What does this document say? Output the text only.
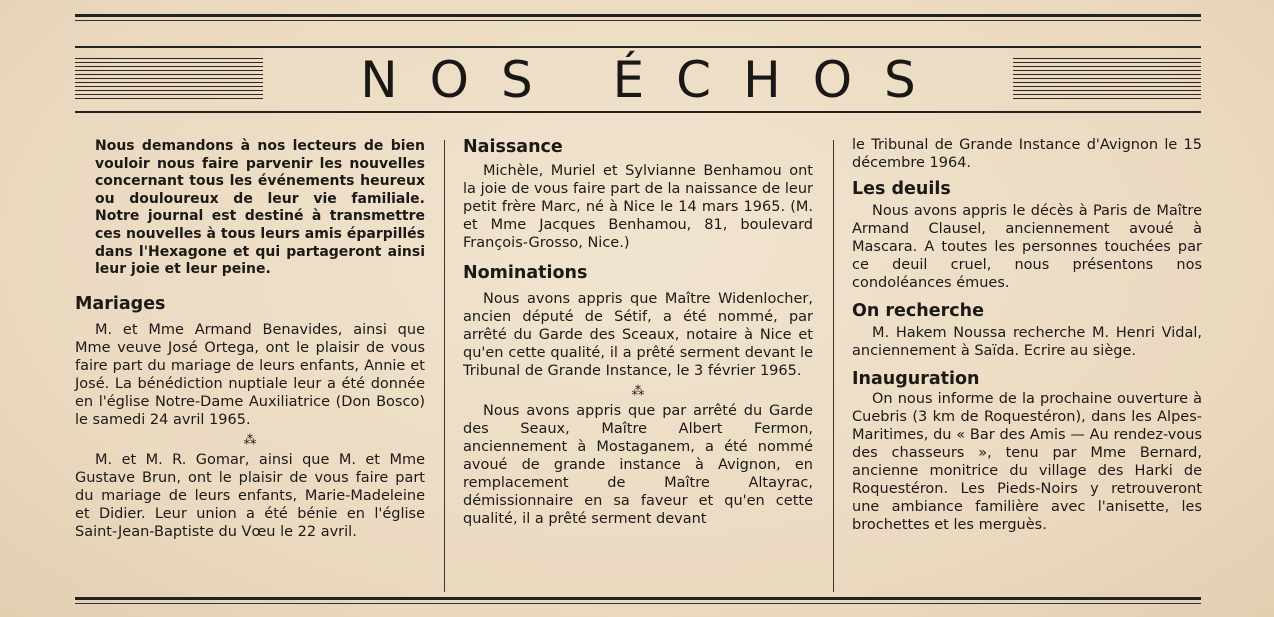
NOS ÉCHOS

Nous demandons à nos lecteurs de bien vouloir nous faire parvenir les nouvelles concernant tous les événements heureux ou douloureux de leur vie familiale. Notre journal est destiné à transmettre ces nouvelles à tous leurs amis éparpillés dans l'Hexagone et qui partageront ainsi leur joie et leur peine.

Mariages

M. et Mme Armand Benavides, ainsi que Mme veuve José Ortega, ont le plaisir de vous faire part du mariage de leurs enfants, Annie et José. La bénédiction nuptiale leur a été donnée en l'église Notre-Dame Auxiliatrice (Don Bosco) le samedi 24 avril 1965.

⁂

M. et M. R. Gomar, ainsi que M. et Mme Gustave Brun, ont le plaisir de vous faire part du mariage de leurs enfants, Marie-Madeleine et Didier. Leur union a été bénie en l'église Saint-Jean-Baptiste du Vœu le 22 avril.

Naissance

Michèle, Muriel et Sylvianne Benhamou ont la joie de vous faire part de la naissance de leur petit frère Marc, né à Nice le 14 mars 1965. (M. et Mme Jacques Benhamou, 81, boulevard François-Grosso, Nice.)

Nominations

Nous avons appris que Maître Widenlocher, ancien député de Sétif, a été nommé, par arrêté du Garde des Sceaux, notaire à Nice et qu'en cette qualité, il a prêté serment devant le Tribunal de Grande Instance, le 3 février 1965.

⁂

Nous avons appris que par arrêté du Garde des Seaux, Maître Albert Fermon, anciennement à Mostaganem, a été nommé avoué de grande instance à Avignon, en remplacement de Maître Altayrac, démissionnaire en sa faveur et qu'en cette qualité, il a prêté serment devant

le Tribunal de Grande Instance d'Avignon le 15 décembre 1964.

Les deuils

Nous avons appris le décès à Paris de Maître Armand Clausel, anciennement avoué à Mascara. A toutes les personnes touchées par ce deuil cruel, nous présentons nos condoléances émues.

On recherche

M. Hakem Noussa recherche M. Henri Vidal, anciennement à Saïda. Ecrire au siège.

Inauguration

On nous informe de la prochaine ouverture à Cuebris (3 km de Roquestéron), dans les Alpes-Maritimes, du « Bar des Amis — Au rendez-vous des chasseurs », tenu par Mme Bernard, ancienne monitrice du village des Harki de Roquestéron. Les Pieds-Noirs y retrouveront une ambiance familière avec l'anisette, les brochettes et les merguès.
